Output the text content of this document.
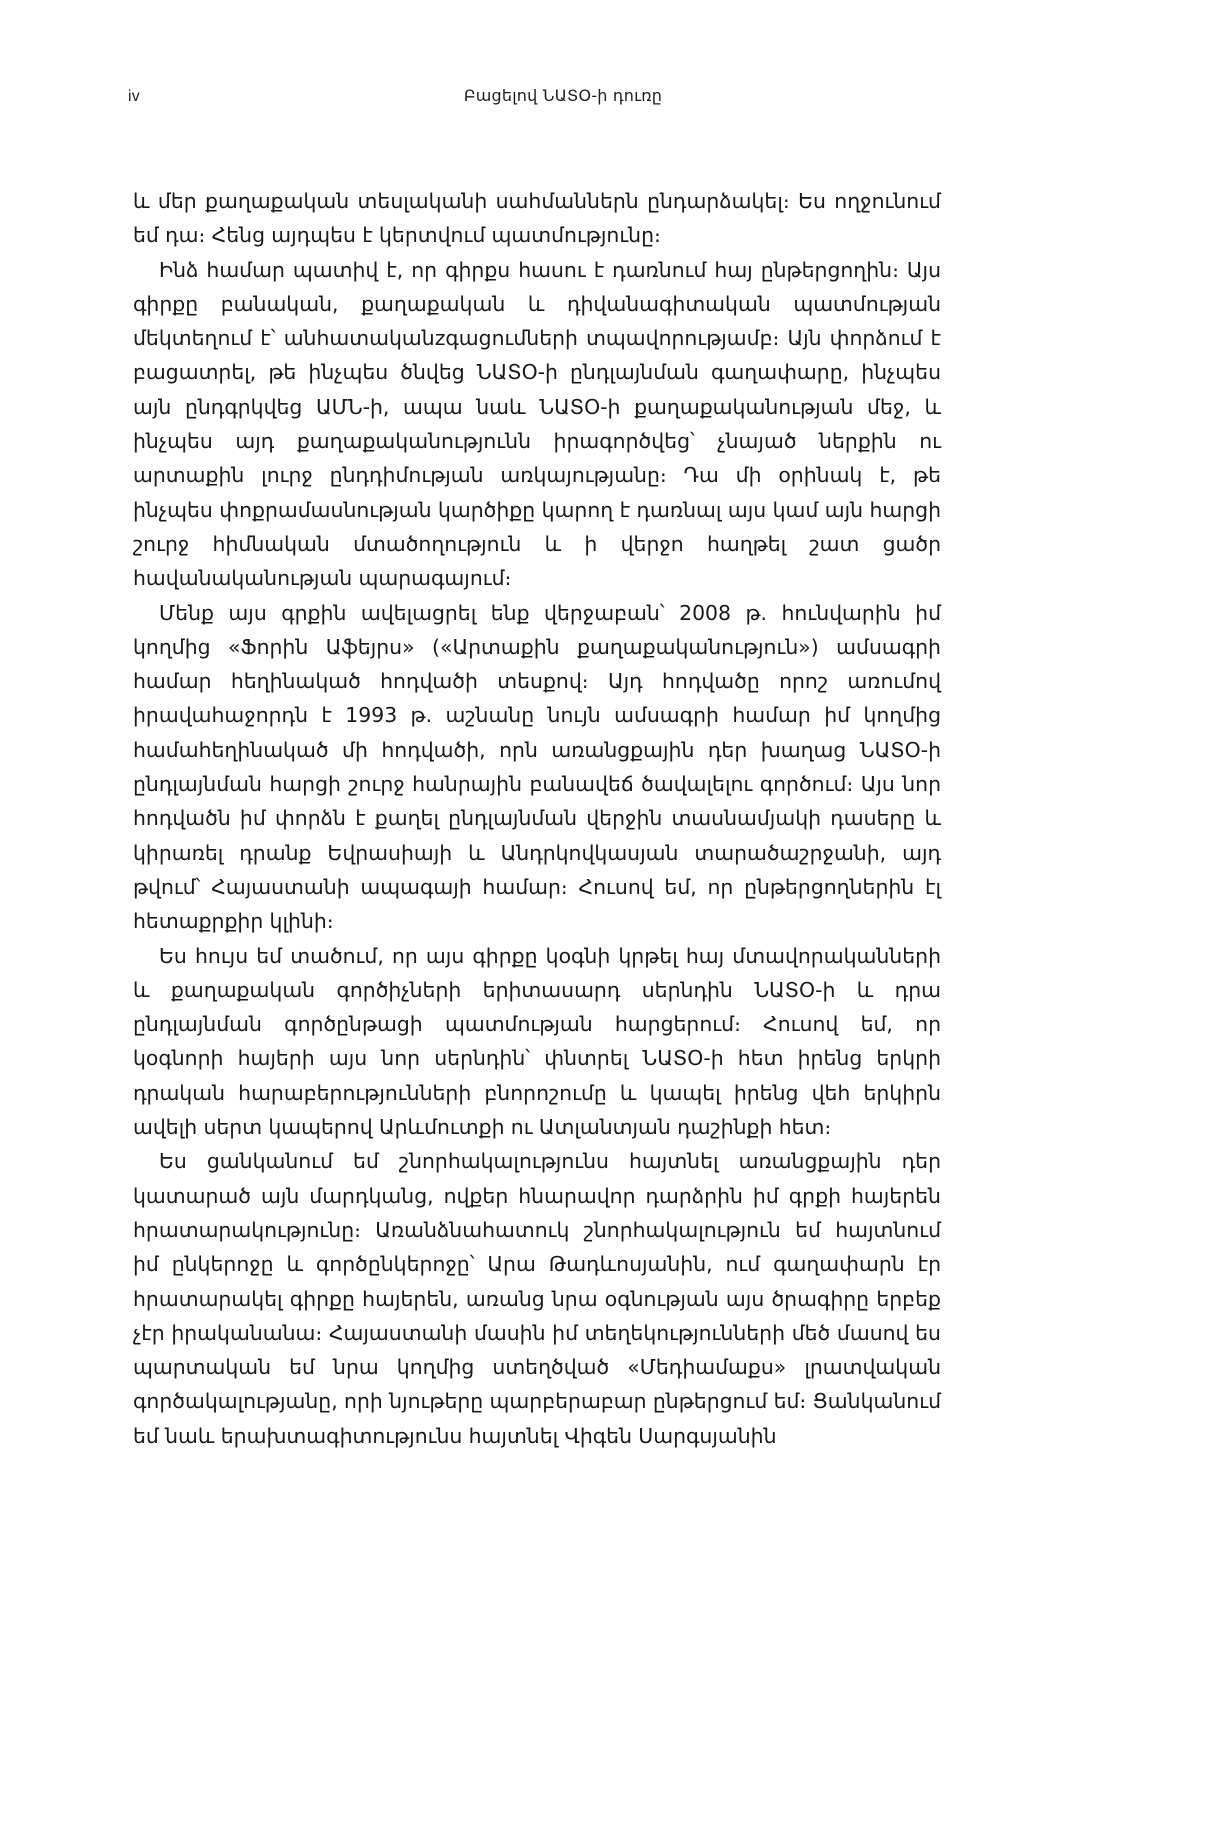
iv	Բացելով ՆԱՏՕ-ի դուռը

և մեր քաղաքական տեսլականի սահմաններն ընդարձակել։ Ես ողջունում եմ դա։ Հենց այդպես է կերտվում պատմությունը։

Ինձ համար պատիվ է, որ գիրքս հասու է դառնում հայ ընթերցողին։ Այս գիրքը բանական, քաղաքական և դիվանագիտական պատմության մեկտեղում է՝ անհատականzգացումների տպավորությամբ։ Այն փորձում է բացատրել, թե ինչպես ծնվեց ՆԱՏՕ-ի ընդլայնման գաղափարը, ինչպես այն ընդգրկվեց ԱՄՆ-ի, ապա նաև ՆԱՏՕ-ի քաղաքականության մեջ, և ինչպես այդ քաղաքականությունն իրագործվեց՝ չնայած ներքին ու արտաքին լուրջ ընդդիմության առկայությանը։ Դա մի օրինակ է, թե ինչպես փոքրամասնության կարծիքը կարող է դառնալ այս կամ այն հարցի շուրջ հիմնական մտածողություն և ի վերջո հաղթել շատ ցածր հավանականության պարագայում։

Մենք այս գրքին ավելացրել ենք վերջաբան՝ 2008 թ. հունվարին իմ կողմից «Ֆորին Աֆեյրս» («Արտաքին քաղաքականություն») ամսագրի համար հեղինակած հոդվածի տեսքով։ Այդ հոդվածը որոշ առումով իրավահաջորդն է 1993 թ. աշնանը նույն ամսագրի համար իմ կողմից համահեղինակած մի հոդվածի, որն առանցքային դեր խաղաց ՆԱՏՕ-ի ընդլայնման հարցի շուրջ հանրային բանավեճ ծավալելու գործում։ Այս նոր հոդվածն իմ փորձն է քաղել ընդլայնման վերջին տասնամյակի դասերը և կիրառել դրանք Եվրասիայի և Անդրկովկասյան տարածաշրջանի, այդ թվում՝ Հայաստանի ապագայի համար։ Հուսով եմ, որ ընթերցողներին էլ հետաքրքիր կլինի։

Ես հույս եմ տածում, որ այս գիրքը կօգնի կրթել հայ մտավորականների և քաղաքական գործիչների երիտասարդ սերնդին ՆԱՏՕ-ի և դրա ընդլայնման գործընթացի պատմության հարցերում։ Հուսով եմ, որ կօգնորի հայերի այս նոր սերնդին՝ փնտրել ՆԱՏՕ-ի հետ իրենց երկրի դրական հարաբերությունների բնորոշումը և կապել իրենց վեհ երկիրն ավելի սերտ կապերով Արևմուտքի ու Ատլանտյան դաշինքի հետ։

Ես ցանկանում եմ շնորհակալությունս հայտնել առանցքային դեր կատարած այն մարդկանց, ովքեր հնարավոր դարձրին իմ գրքի հայերեն հրատարակությունը։ Առանձնահատուկ շնորհակալություն եմ հայտնում իմ ընկերոջը և գործընկերոջը՝ Արա Թադևոսյանին, ում գաղափարն էր հրատարակել գիրքը հայերեն, առանց նրա օգնության այս ծրագիրը երբեք չէր իրականանա։ Հայաստանի մասին իմ տեղեկությունների մեծ մասով ես պարտական եմ նրա կողմից ստեղծված «Մեդիամաքս» լրատվական գործակալությանը, որի նյութերը պարբերաբար ընթերցում եմ։ Ցանկանում եմ նաև երախտագիտությունս հայտնել Վիգեն Սարգսյանին
